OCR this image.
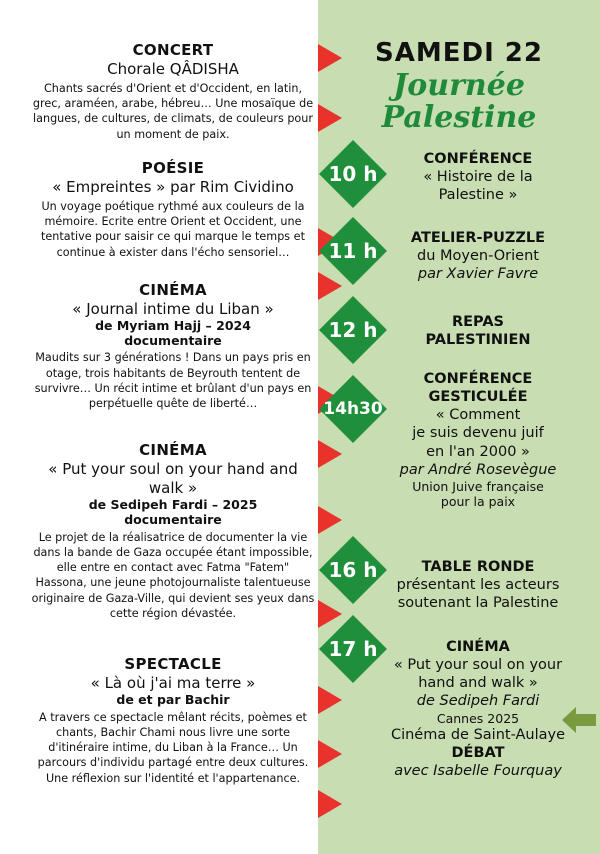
CONCERT
Chorale QÂDISHA
Chants sacrés d'Orient et d'Occident, en latin, grec, araméen, arabe, hébreu… Une mosaïque de langues, de cultures, de climats, de couleurs pour un moment de paix.
POÉSIE
« Empreintes » par Rim Cividino
Un voyage poétique rythmé aux couleurs de la mémoire. Ecrite entre Orient et Occident, une tentative pour saisir ce qui marque le temps et continue à exister dans l'écho sensoriel…
CINÉMA
« Journal intime du Liban »
de Myriam Hajj – 2024
documentaire
Maudits sur 3 générations ! Dans un pays pris en otage, trois habitants de Beyrouth tentent de survivre… Un récit intime et brûlant d'un pays en perpétuelle quête de liberté…
CINÉMA
« Put your soul on your hand and walk »
de Sedipeh Fardi – 2025
documentaire
Le projet de la réalisatrice de documenter la vie dans la bande de Gaza occupée étant impossible, elle entre en contact avec Fatma "Fatem" Hassona, une jeune photojournaliste talentueuse originaire de Gaza-Ville, qui devient ses yeux dans cette région dévastée.
SPECTACLE
« Là où j'ai ma terre »
de et par Bachir
A travers ce spectacle mêlant récits, poèmes et chants, Bachir Chami nous livre une sorte d'itinéraire intime, du Liban à la France… Un parcours d'individu partagé entre deux cultures. Une réflexion sur l'identité et l'appartenance.
SAMEDI 22
Journée
Palestine
10 h
11 h
12 h
14h30
16 h
17 h
CONFÉRENCE
« Histoire de la
Palestine »
ATELIER-PUZZLE
du Moyen-Orient
par Xavier Favre
REPAS
PALESTINIEN
CONFÉRENCE
GESTICULÉE
« Comment
je suis devenu juif
en l'an 2000 »
par André Rosevègue
Union Juive française
pour la paix
TABLE RONDE
présentant les acteurs
soutenant la Palestine
CINÉMA
« Put your soul on your
hand and walk »
de Sedipeh Fardi
Cannes 2025
Cinéma de Saint-Aulaye
DÉBAT
avec Isabelle Fourquay
